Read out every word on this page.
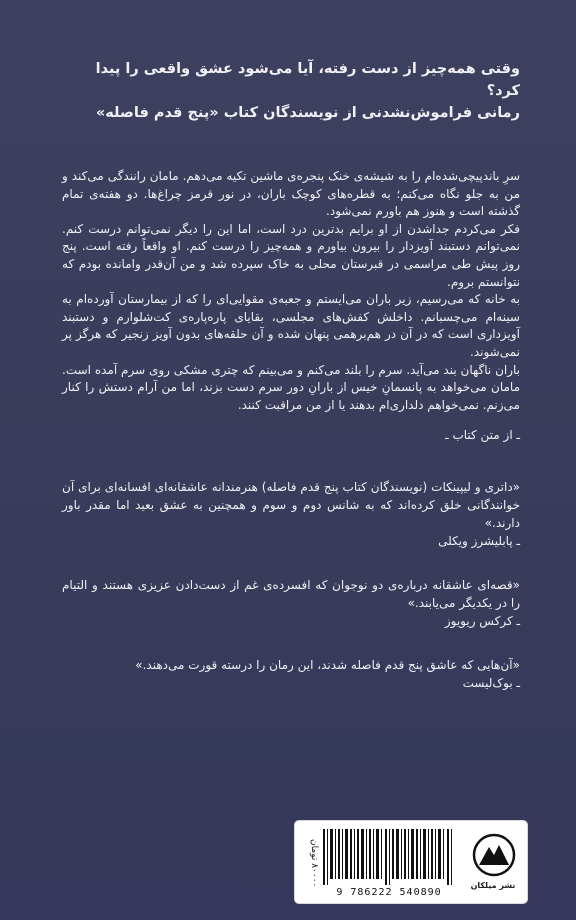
وقتی همه‌چیز از دست رفته، آیا می‌شود عشق واقعی را پیدا کرد؟

رمانی فراموش‌نشدنی از نویسندگان کتاب «پنج قدم فاصله»

سرِ باندپیچی‌شده‌ام را به شیشه‌ی خنک پنجره‌ی ماشین تکیه می‌دهم. مامان رانندگی می‌کند و من به جلو نگاه می‌کنم؛ به قطره‌های کوچک باران، در نور قرمز چراغ‌ها. دو هفته‌ی تمام گذشته است و هنوز هم باورم نمی‌شود.

فکر می‌کردم جداشدن از او برایم بدترین درد است، اما این را دیگر نمی‌توانم درست کنم. نمی‌توانم دستبند آویزدار را بیرون بیاورم و همه‌چیز را درست کنم. او واقعاً رفته است. پنج روز پیش طی مراسمی در قبرستان محلی به خاک سپرده شد و من آن‌قدر وامانده بودم که نتوانستم بروم.

به خانه که می‌رسیم، زیر باران می‌ایستم و جعبه‌ی مقوایی‌ای را که از بیمارستان آورده‌ام به سینه‌ام می‌چسبانم. داخلش کفش‌های مجلسی، بقایای پاره‌پاره‌ی کت‌شلوارم و دستبند آویزداری است که در آن در هم‌برهمی پنهان شده و آن حلقه‌های بدون آویز زنجیر که هرگز پر نمی‌شوند.

باران ناگهان بند می‌آید. سرم را بلند می‌کنم و می‌بینم که چتری مشکی روی سرم آمده است. مامان می‌خواهد به پانسمانِ خیس از بارانِ دور سرم دست بزند، اما من آرام دستش را کنار می‌زنم. نمی‌خواهم دلداری‌ام بدهند یا از من مراقبت کنند.

ـ از متن کتاب ـ

«داتری و لیپینکات (نویسندگان کتاب پنج قدم فاصله) هنرمندانه عاشقانه‌ای افسانه‌ای برای آن خوانندگانی خلق کرده‌اند که به شانس دوم و سوم و همچنین به عشق بعید اما مقدر باور دارند.»

ـ پابلیشرز ویکلی

«قصه‌ای عاشقانه درباره‌ی دو نوجوان که افسرده‌ی غم از دست‌دادن عزیزی هستند و التیام را در یکدیگر می‌یابند.»

ـ کرکس ریویوز

«آن‌هایی که عاشق پنج قدم فاصله شدند، این رمان را درسته قورت می‌دهند.»

ـ بوک‌لیست

۸۰۰۰۰ تومان
9 786222 540890
نشر میلکان
